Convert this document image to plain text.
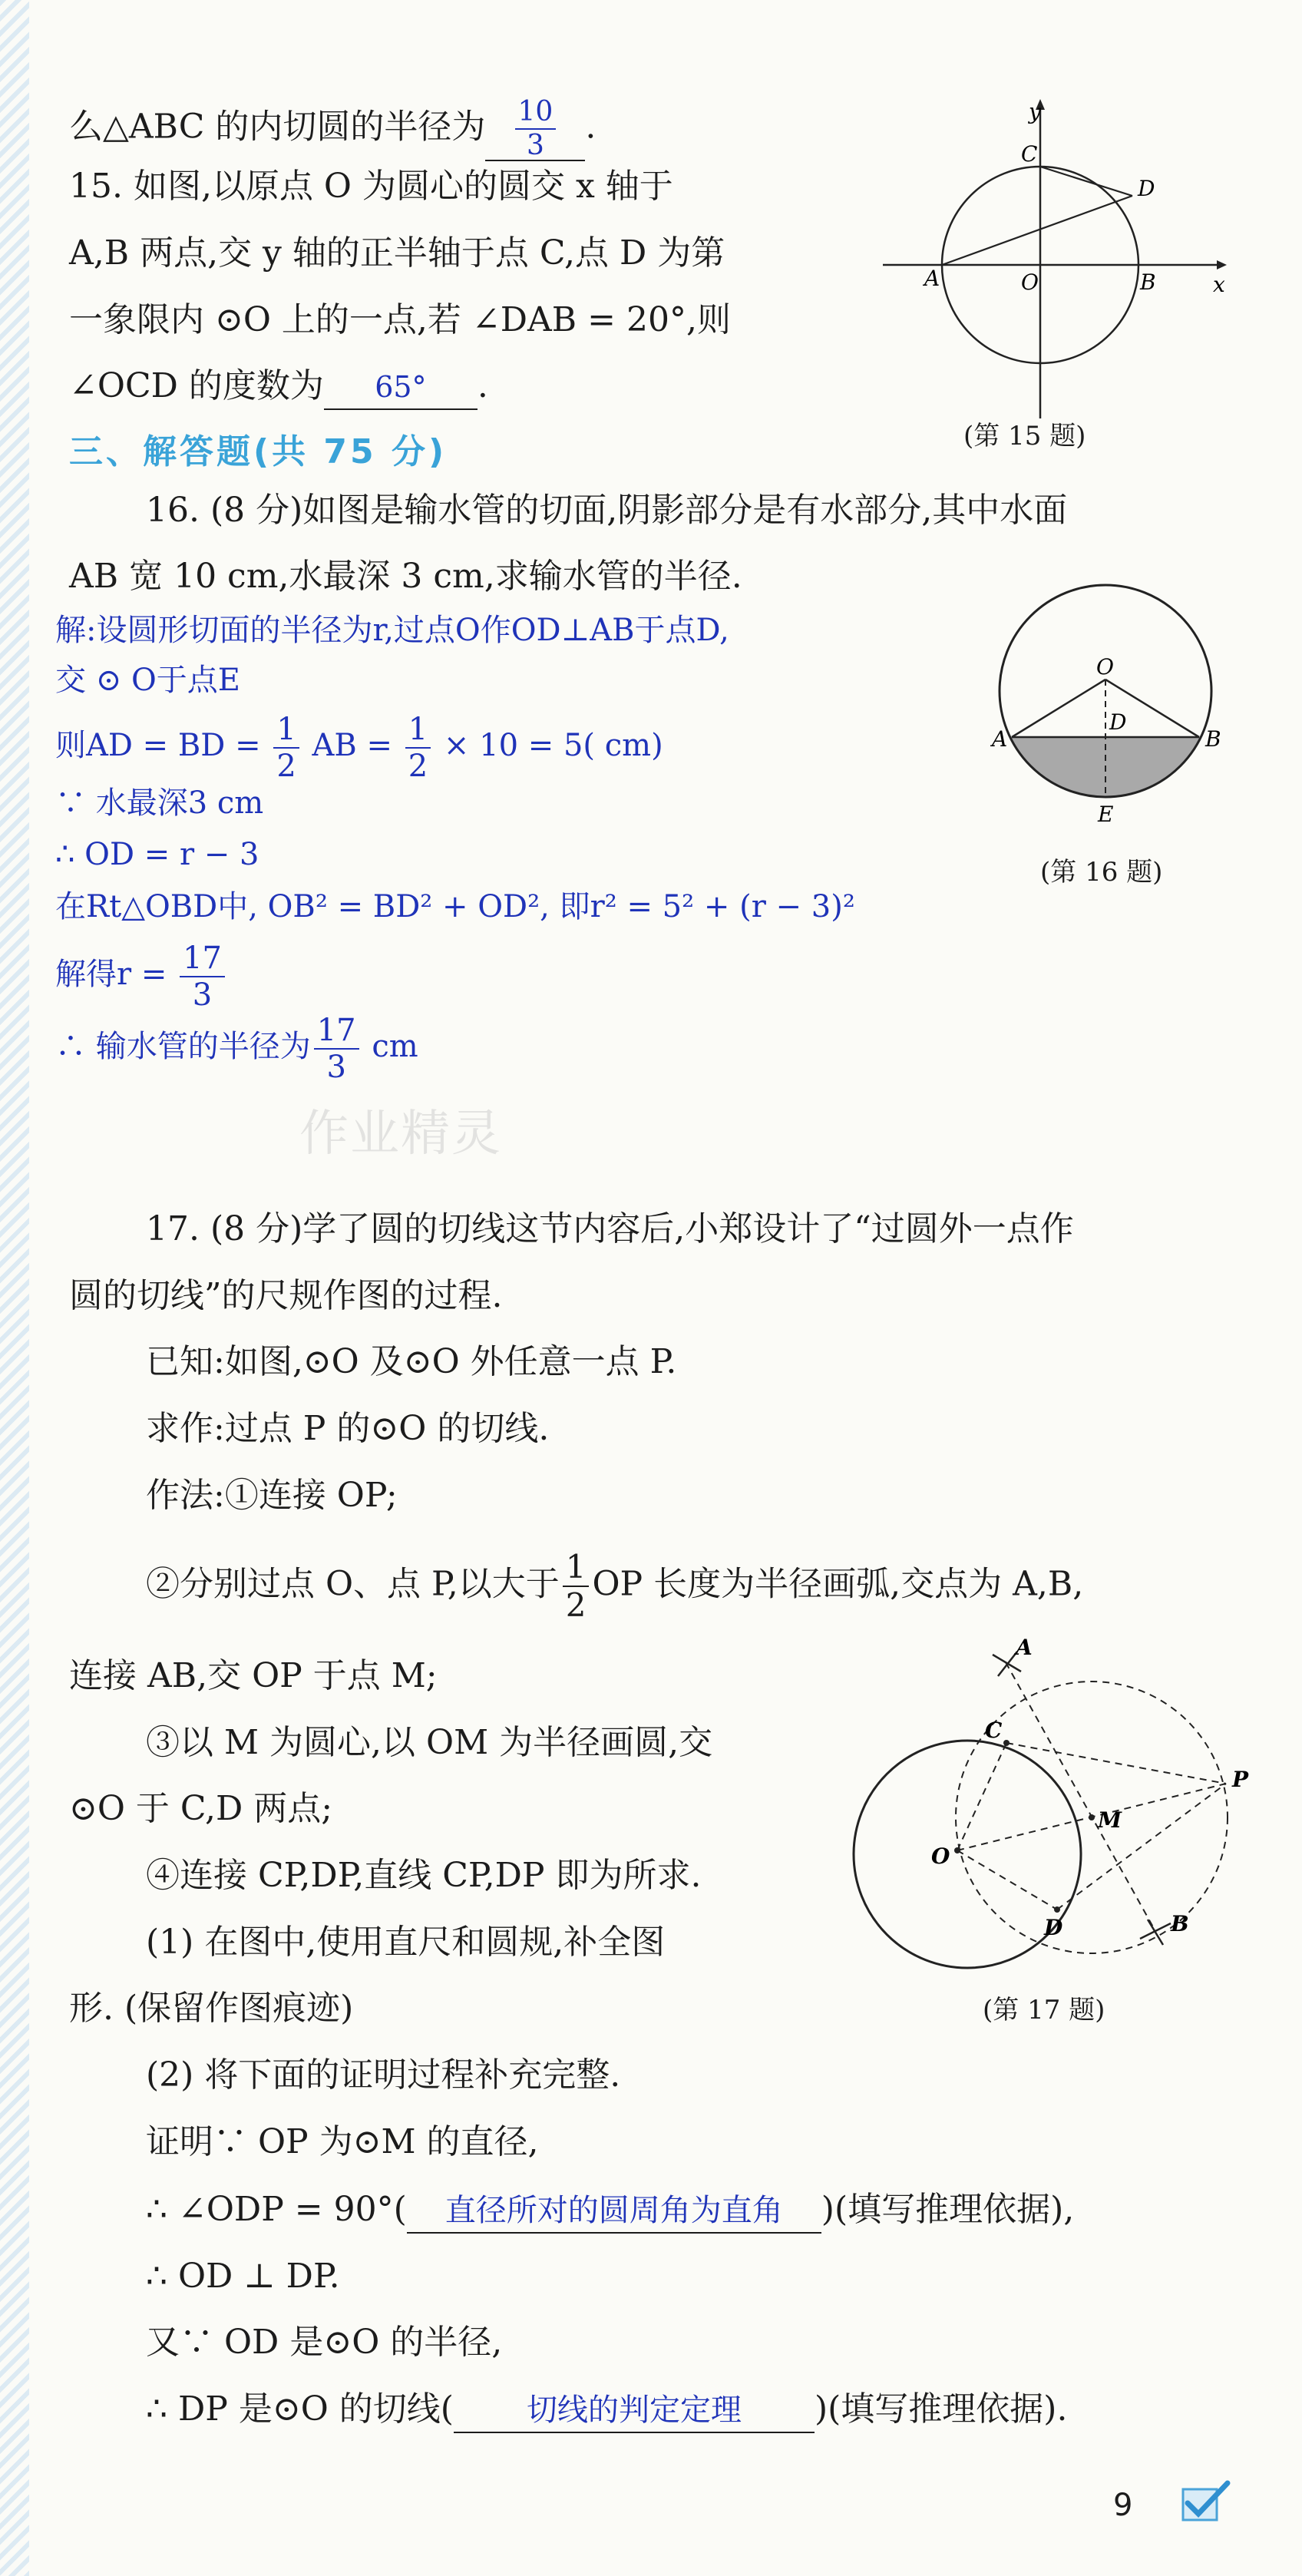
么△ABC 的内切圆的半径为 $\frac{10}{3}$ .
15. 如图,以原点 O 为圆心的圆交 x 轴于
A,B 两点,交 y 轴的正半轴于点 C,点 D 为第
一象限内 ⊙O 上的一点,若 ∠DAB = 20°,则
∠OCD 的度数为 65° .
y
x
C
D
A	O	B
(第 15 题)
三、解答题(共 75 分)
16. (8 分)如图是输水管的切面,阴影部分是有水部分,其中水面
AB 宽 10 cm,水最深 3 cm,求输水管的半径.
解:设圆形切面的半径为r,过点O作OD⊥AB于点D,
交 ⊙ O于点E
则AD = BD = $\frac{1}{2}$ AB = $\frac{1}{2} \times 10 = 5$( cm)
∵ 水最深3 cm
∴ OD = r − 3
在Rt△OBD中, OB² = BD² + OD², 即r² = 5² + (r − 3)²
解得$r = \frac{17}{3}$
∴ 输水管的半径为 $\frac{17}{3}$ cm
作业精灵
O
D
A	B
E
(第 16 题)
17. (8 分)学了圆的切线这节内容后,小郑设计了“过圆外一点作
圆的切线”的尺规作图的过程.
已知:如图,⊙O 及⊙O 外任意一点 P.
求作:过点 P 的⊙O 的切线.
作法:①连接 OP;
②分别过点 O、点 P,以大于 $\frac{1}{2}$ OP 长度为半径画弧,交点为 A,B,
连接 AB,交 OP 于点 M;
③以 M 为圆心,以 OM 为半径画圆,交
⊙O 于 C,D 两点;
④连接 CP,DP,直线 CP,DP 即为所求.
(1) 在图中,使用直尺和圆规,补全图
形. (保留作图痕迹)
A
C
P
M
O
D	B
(第 17 题)
(2) 将下面的证明过程补充完整.
证明∵ OP 为⊙M 的直径,
∴ ∠ODP = 90°( 直径所对的圆周角为直角 )(填写推理依据),
∴ OD ⊥ DP.
又∵ OD 是⊙O 的半径,
∴ DP 是⊙O 的切线( 切线的判定定理 )(填写推理依据).
9
